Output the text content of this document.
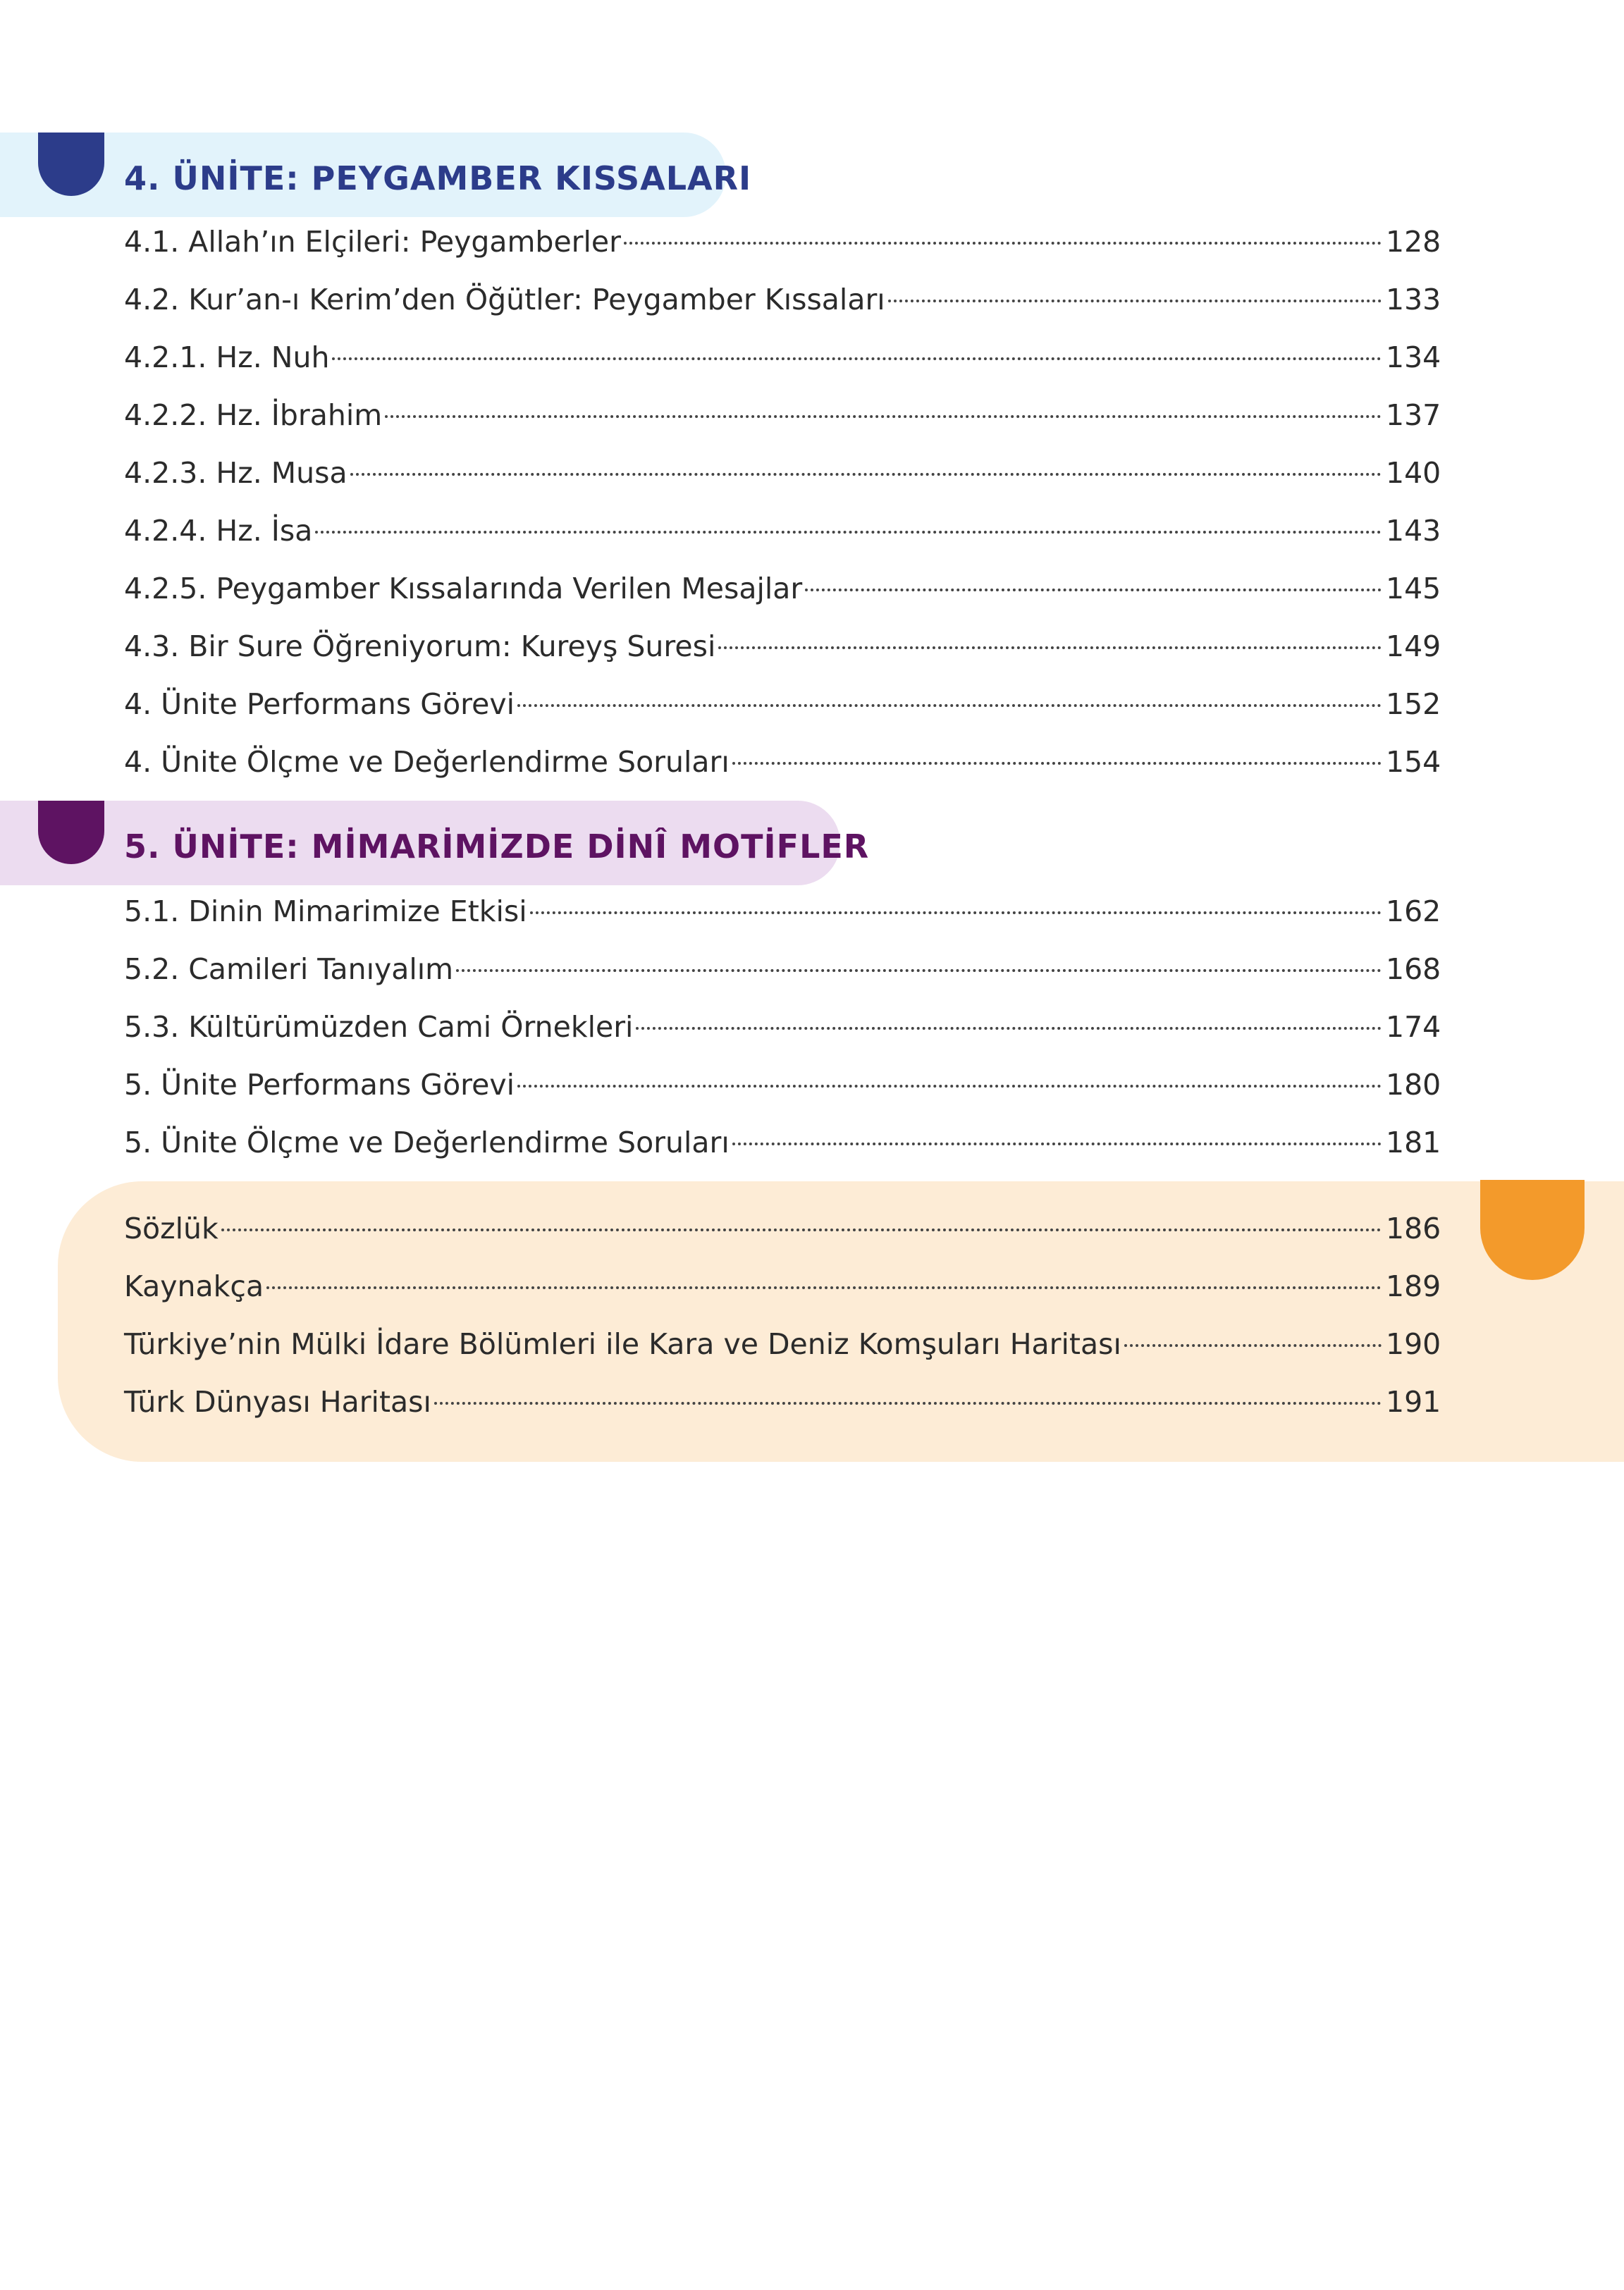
4. ÜNİTE: PEYGAMBER KISSALARI
4.1. Allah’ın Elçileri: Peygamberler	128
4.2. Kur’an-ı Kerim’den Öğütler: Peygamber Kıssaları	133
4.2.1. Hz. Nuh	134
4.2.2. Hz. İbrahim	137
4.2.3. Hz. Musa	140
4.2.4. Hz. İsa	143
4.2.5. Peygamber Kıssalarında Verilen Mesajlar	145
4.3. Bir Sure Öğreniyorum: Kureyş Suresi	149
4. Ünite Performans Görevi	152
4. Ünite Ölçme ve Değerlendirme Soruları	154
5. ÜNİTE: MİMARİMİZDE DİNÎ MOTİFLER
5.1. Dinin Mimarimize Etkisi	162
5.2. Camileri Tanıyalım	168
5.3. Kültürümüzden Cami Örnekleri	174
5. Ünite Performans Görevi	180
5. Ünite Ölçme ve Değerlendirme Soruları	181
Sözlük	186
Kaynakça	189
Türkiye’nin Mülki İdare Bölümleri ile Kara ve Deniz Komşuları Haritası	190
Türk Dünyası Haritası	191
